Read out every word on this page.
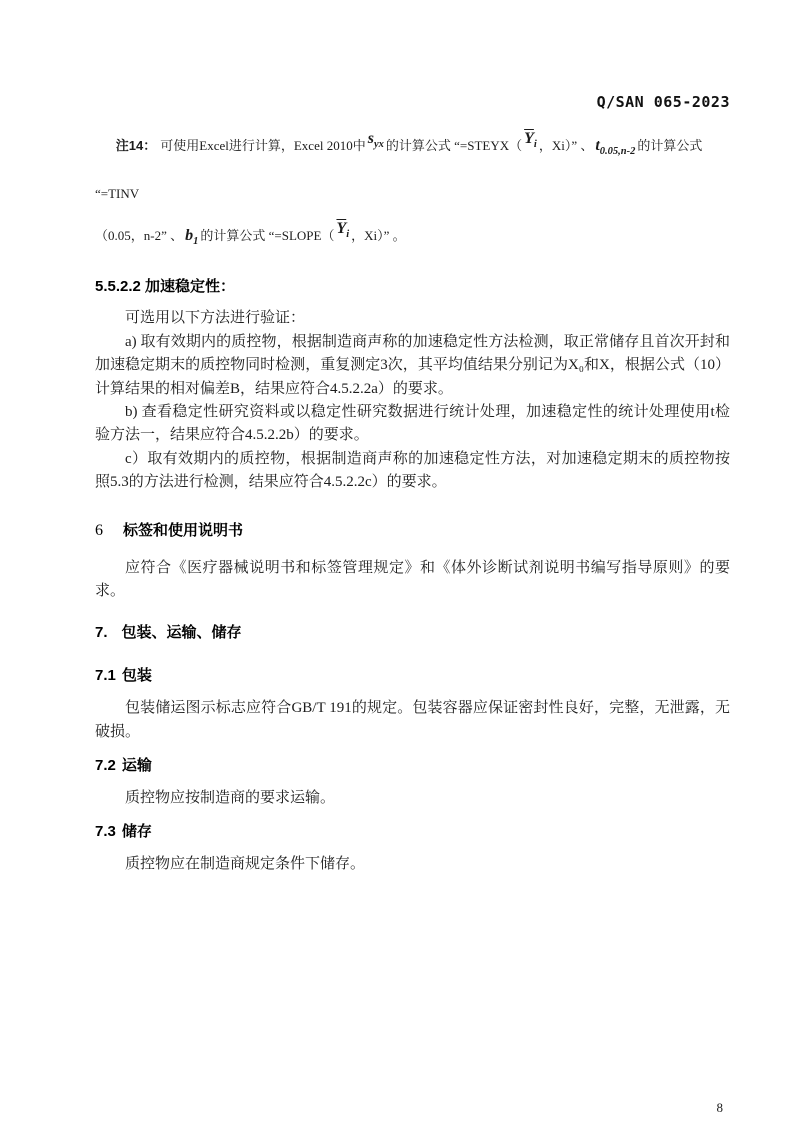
Q/SAN 065-2023

注14： 可使用Excel进行计算，Excel 2010中 $s_{yx}$ 的计算公式 “=STEYX（ $\overline{Y}_i$ ，Xi）” 、 $t_{0.05,n-2}$ 的计算公式 “=TINV
（0.05，n-2” 、 $b_1$ 的计算公式 “=SLOPE（ $\overline{Y}_i$ ，Xi）” 。

5.5.2.2 加速稳定性：

可选用以下方法进行验证：

a) 取有效期内的质控物，根据制造商声称的加速稳定性方法检测，取正常储存且首次开封和加速稳定期末的质控物同时检测，重复测定3次，其平均值结果分别记为X₀和X，根据公式（10）计算结果的相对偏差B，结果应符合4.5.2.2a）的要求。

b) 查看稳定性研究资料或以稳定性研究数据进行统计处理，加速稳定性的统计处理使用t检验方法一，结果应符合4.5.2.2b）的要求。

c）取有效期内的质控物，根据制造商声称的加速稳定性方法，对加速稳定期末的质控物按照5.3的方法进行检测，结果应符合4.5.2.2c）的要求。

6 标签和使用说明书

应符合《医疗器械说明书和标签管理规定》和《体外诊断试剂说明书编写指导原则》的要求。

7. 包装、运输、储存
7.1 包装

包装储运图示标志应符合GB/T 191的规定。包装容器应保证密封性良好，完整，无泄露，无破损。

7.2 运输

质控物应按制造商的要求运输。

7.3 储存

质控物应在制造商规定条件下储存。

8
